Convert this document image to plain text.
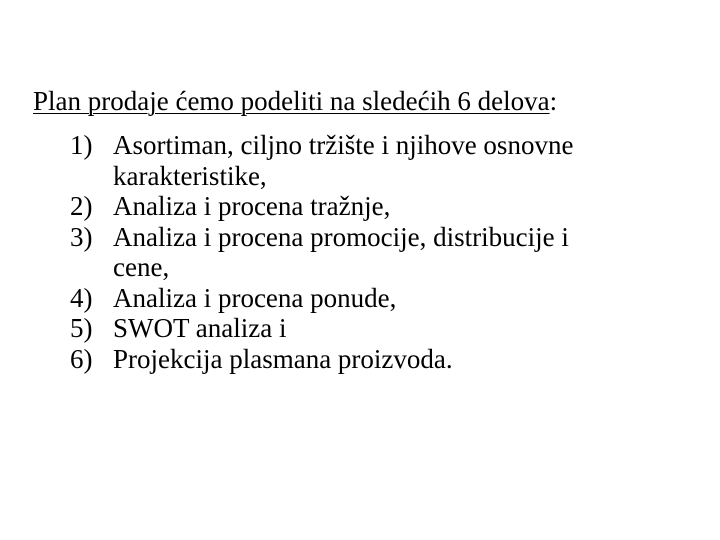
Plan prodaje ćemo podeliti na sledećih 6 delova:
1) Asortiman, ciljno tržište i njihove osnovne
karakteristike,
2) Analiza i procena tražnje,
3) Analiza i procena promocije, distribucije i
cene,
4) Analiza i procena ponude,
5) SWOT analiza i
6) Projekcija plasmana proizvoda.
